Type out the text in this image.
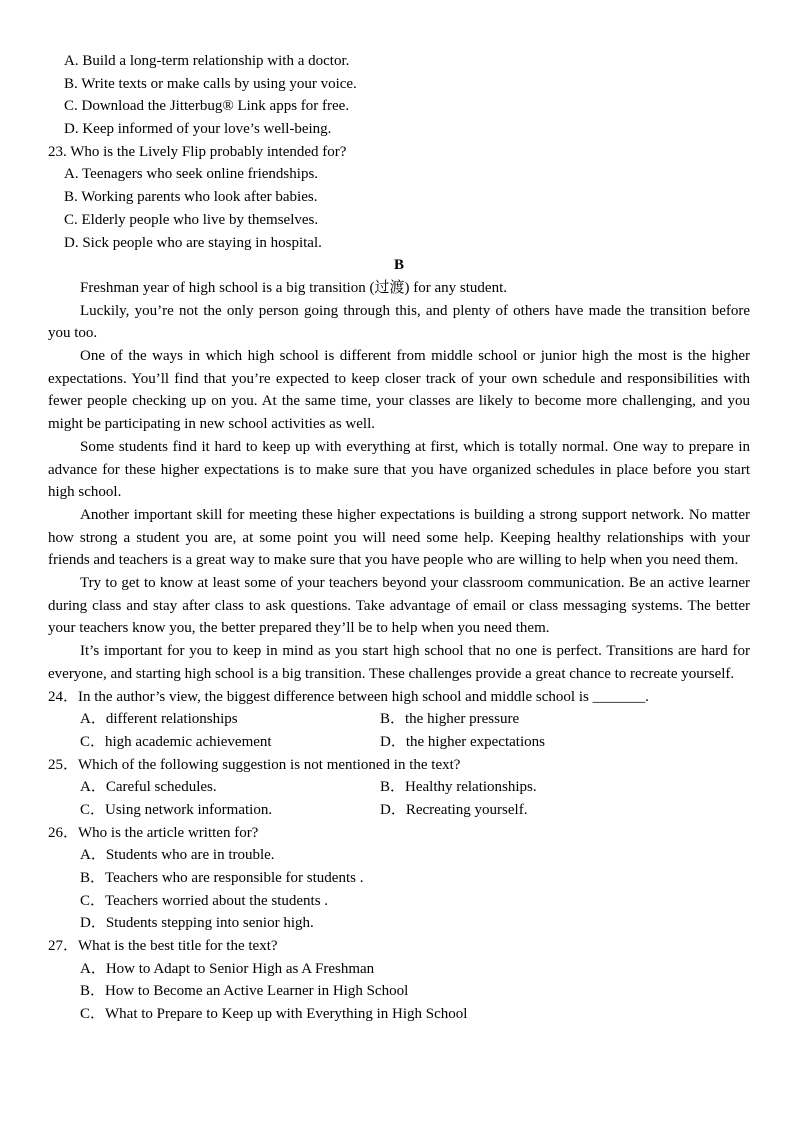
A. Build a long-term relationship with a doctor.
B. Write texts or make calls by using your voice.
C. Download the Jitterbug® Link apps for free.
D. Keep informed of your love’s well-being.
23. Who is the Lively Flip probably intended for?
A. Teenagers who seek online friendships.
B. Working parents who look after babies.
C. Elderly people who live by themselves.
D. Sick people who are staying in hospital.
B

Freshman year of high school is a big transition (过渡) for any student.

Luckily, you’re not the only person going through this, and plenty of others have made the transition before you too.

One of the ways in which high school is different from middle school or junior high the most is the higher expectations. You’ll find that you’re expected to keep closer track of your own schedule and responsibilities with fewer people checking up on you. At the same time, your classes are likely to become more challenging, and you might be participating in new school activities as well.

Some students find it hard to keep up with everything at first, which is totally normal. One way to prepare in advance for these higher expectations is to make sure that you have organized schedules in place before you start high school.

Another important skill for meeting these higher expectations is building a strong support network. No matter how strong a student you are, at some point you will need some help. Keeping healthy relationships with your friends and teachers is a great way to make sure that you have people who are willing to help when you need them.

Try to get to know at least some of your teachers beyond your classroom communication. Be an active learner during class and stay after class to ask questions. Take advantage of email or class messaging systems. The better your teachers know you, the better prepared they’ll be to help when you need them.

It’s important for you to keep in mind as you start high school that no one is perfect. Transitions are hard for everyone, and starting high school is a big transition. These challenges provide a great chance to recreate yourself.

24．In the author’s view, the biggest difference between high school and middle school is _______.
A．different relationships	B．the higher pressure
C．high academic achievement	D．the higher expectations
25．Which of the following suggestion is not mentioned in the text?
A．Careful schedules.	B．Healthy relationships.
C．Using network information.	D．Recreating yourself.
26．Who is the article written for?
A．Students who are in trouble.
B．Teachers who are responsible for students .
C．Teachers worried about the students .
D．Students stepping into senior high.
27．What is the best title for the text?
A．How to Adapt to Senior High as A Freshman
B．How to Become an Active Learner in High School
C．What to Prepare to Keep up with Everything in High School
